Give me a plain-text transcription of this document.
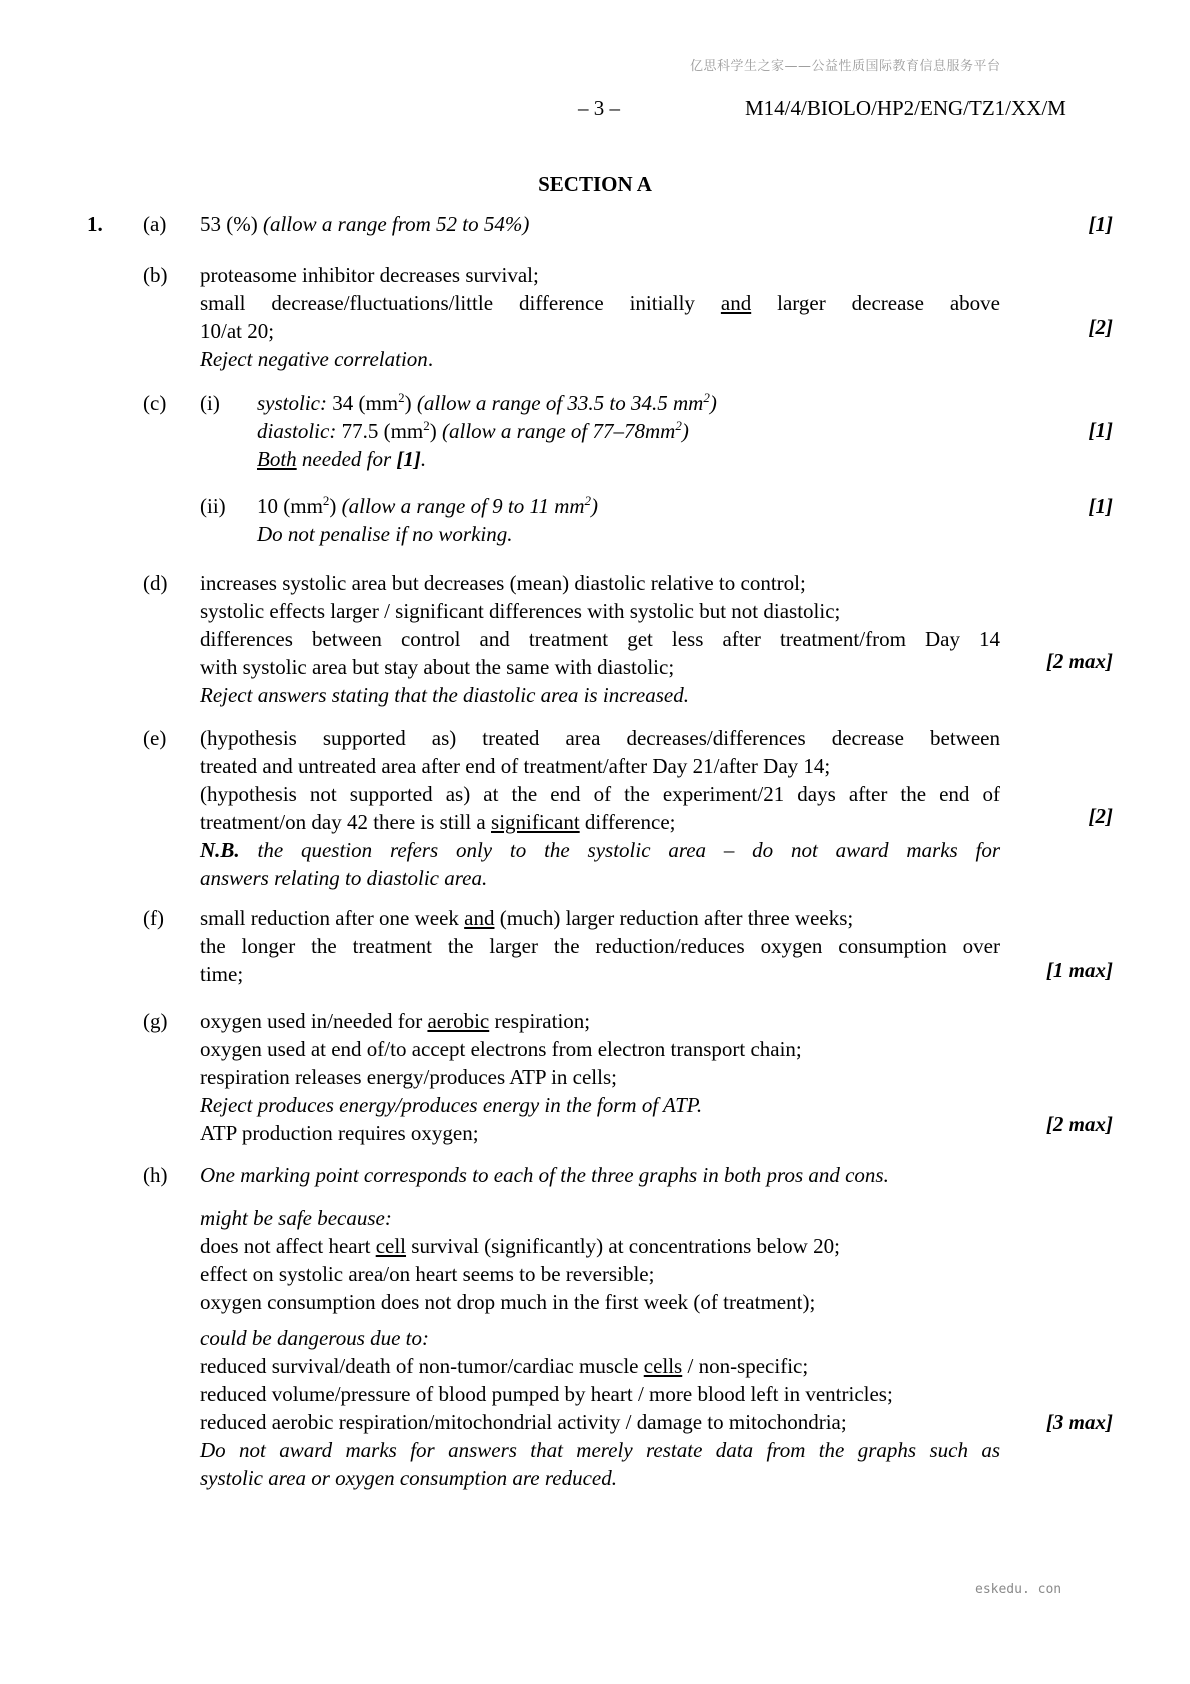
亿思科学生之家——公益性质国际教育信息服务平台
– 3 –	M14/4/BIOLO/HP2/ENG/TZ1/XX/M
SECTION A
1. (a) 53 (%) (allow a range from 52 to 54%)	[1]
(b) proteasome inhibitor decreases survival;
small decrease/fluctuations/little difference initially and larger decrease above
10/at 20;
Reject negative correlation.
[2]
(c) (i) systolic: 34 $(mm^2)$ (allow a range of 33.5 to 34.5 $mm^2$)
diastolic: 77.5 $(mm^2)$ (allow a range of $77-78mm^2$)
Both needed for [1].
[1]
(ii) 10 $(mm^2)$ (allow a range of 9 to 11 $mm^2$)
Do not penalise if no working.
[1]
(d) increases systolic area but decreases (mean) diastolic relative to control;
systolic effects larger / significant differences with systolic but not diastolic;
differences between control and treatment get less after treatment/from Day 14
with systolic area but stay about the same with diastolic;
Reject answers stating that the diastolic area is increased.
[2 max]
(e) (hypothesis supported as) treated area decreases/differences decrease between
treated and untreated area after end of treatment/after Day 21/after Day 14;
(hypothesis not supported as) at the end of the experiment/21 days after the end of
treatment/on day 42 there is still a significant difference;
N.B. the question refers only to the systolic area – do not award marks for
answers relating to diastolic area.
[2]
(f) small reduction after one week and (much) larger reduction after three weeks;
the longer the treatment the larger the reduction/reduces oxygen consumption over
time;	[1 max]
(g) oxygen used in/needed for aerobic respiration;
oxygen used at end of/to accept electrons from electron transport chain;
respiration releases energy/produces ATP in cells;
Reject produces energy/produces energy in the form of ATP.
ATP production requires oxygen;	[2 max]
(h) One marking point corresponds to each of the three graphs in both pros and cons.
might be safe because:
does not affect heart cell survival (significantly) at concentrations below 20;
effect on systolic area/on heart seems to be reversible;
oxygen consumption does not drop much in the first week (of treatment);
could be dangerous due to:
reduced survival/death of non-tumor/cardiac muscle cells / non-specific;
reduced volume/pressure of blood pumped by heart / more blood left in ventricles;
reduced aerobic respiration/mitochondrial activity / damage to mitochondria;
Do not award marks for answers that merely restate data from the graphs such as
systolic area or oxygen consumption are reduced.
[3 max]
eskedu. con
